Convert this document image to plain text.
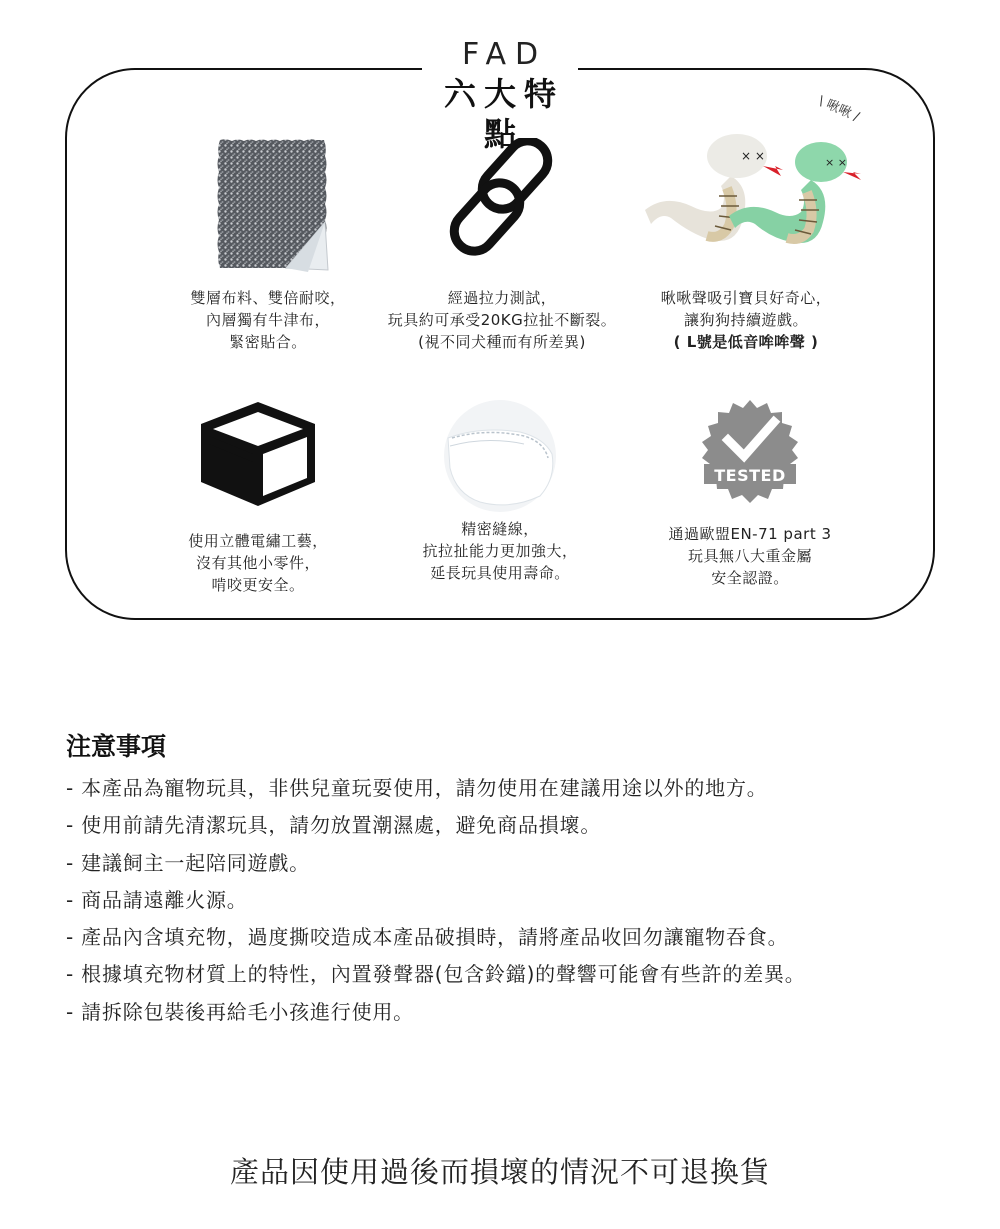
FAD
六大特點
雙層布料、雙倍耐咬，
內層獨有牛津布，
緊密貼合。
經過拉力測試，
玩具約可承受20KG拉扯不斷裂。
(視不同犬種而有所差異)
× ×	× ×
啾啾聲吸引寶貝好奇心，
讓狗狗持續遊戲。
( L號是低音哞哞聲 )
\ 啾啾 /
使用立體電繡工藝，
沒有其他小零件，
啃咬更安全。
精密縫線，
抗拉扯能力更加強大，
延長玩具使用壽命。
TESTED
通過歐盟EN-71 part 3
玩具無八大重金屬
安全認證。
注意事項
- 本產品為寵物玩具，非供兒童玩耍使用，請勿使用在建議用途以外的地方。
- 使用前請先清潔玩具，請勿放置潮濕處，避免商品損壞。
- 建議飼主一起陪同遊戲。
- 商品請遠離火源。
- 產品內含填充物，過度撕咬造成本產品破損時，請將產品收回勿讓寵物吞食。
- 根據填充物材質上的特性，內置發聲器(包含鈴鐺)的聲響可能會有些許的差異。
- 請拆除包裝後再給毛小孩進行使用。
產品因使用過後而損壞的情況不可退換貨
